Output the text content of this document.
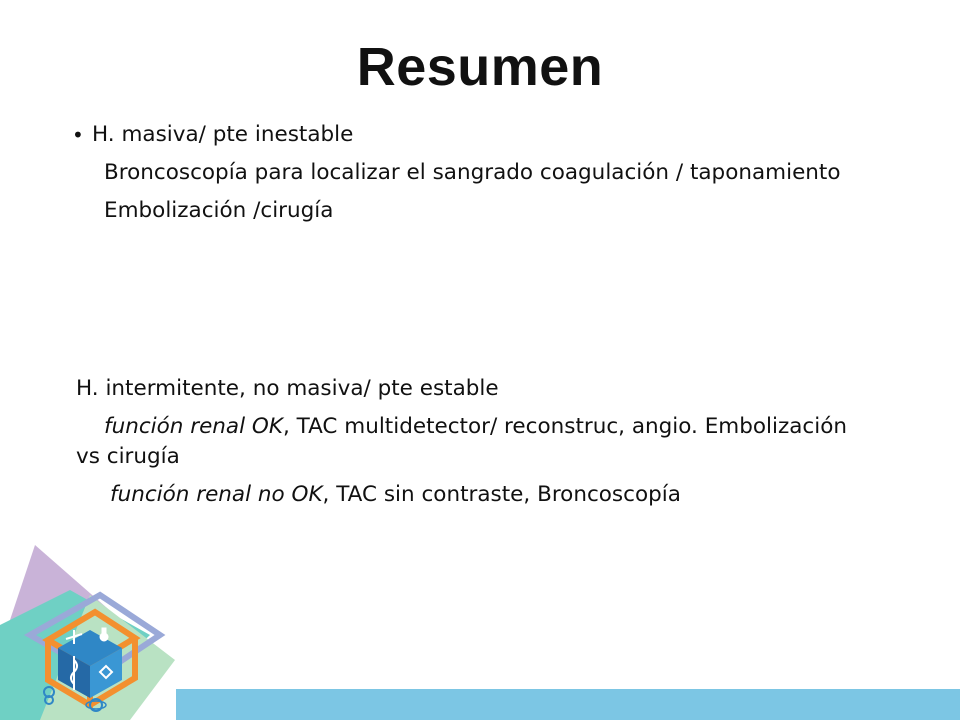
Resumen

• H. masiva/ pte inestable

Broncoscopía para localizar el sangrado coagulación / taponamiento

Embolización /cirugía

H. intermitente, no masiva/ pte estable

función renal OK, TAC multidetector/ reconstruc, angio. Embolización vs cirugía

función renal no OK, TAC sin contraste, Broncoscopía
